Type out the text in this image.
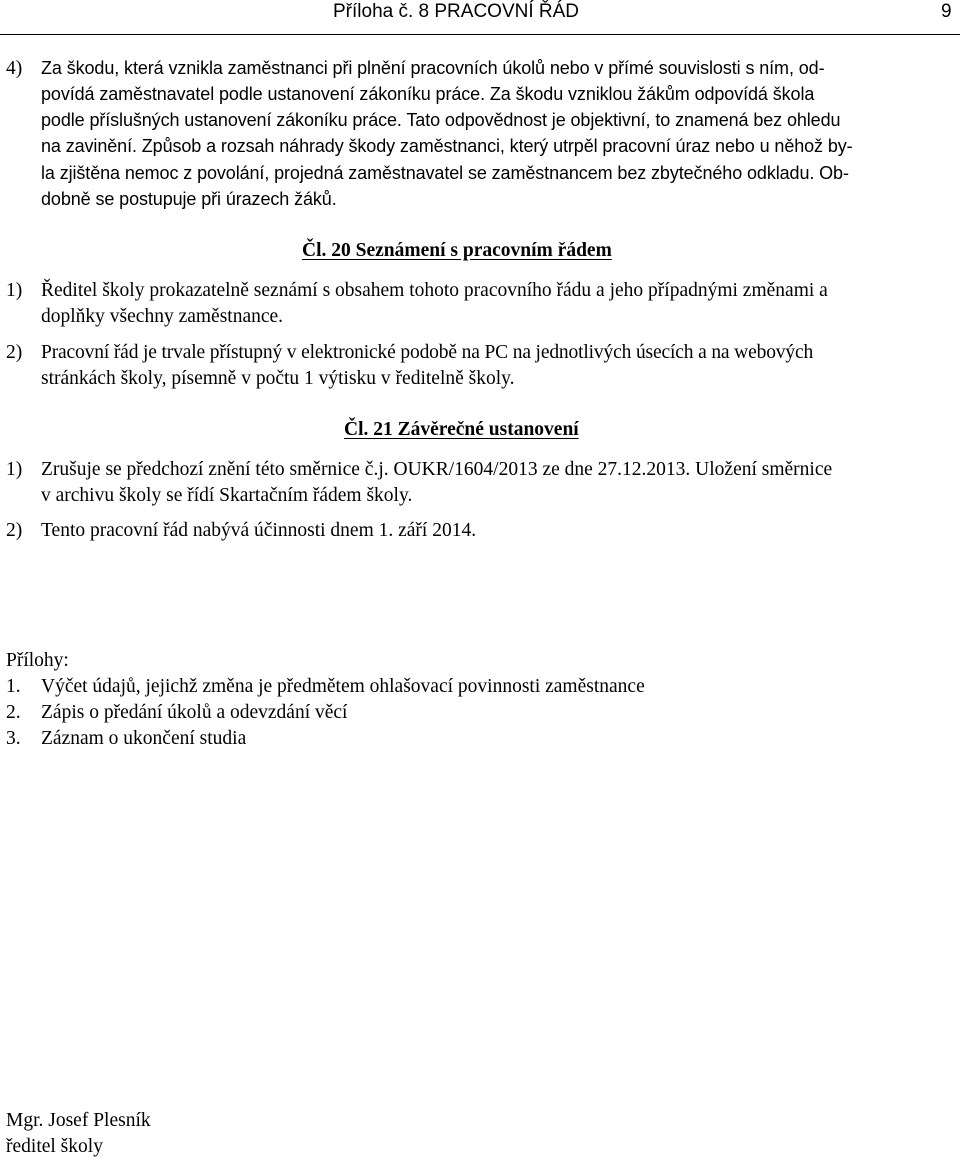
Příloha č. 8 PRACOVNÍ ŘÁD	9
4) Za škodu, která vznikla zaměstnanci při plnění pracovních úkolů nebo v přímé souvislosti s ním, od-
povídá zaměstnavatel podle ustanovení zákoníku práce. Za škodu vzniklou žákům odpovídá škola
podle příslušných ustanovení zákoníku práce. Tato odpovědnost je objektivní, to znamená bez ohledu
na zavinění. Způsob a rozsah náhrady škody zaměstnanci, který utrpěl pracovní úraz nebo u něhož by-
la zjištěna nemoc z povolání, projedná zaměstnavatel se zaměstnancem bez zbytečného odkladu. Ob-
dobně se postupuje při úrazech žáků.
Čl. 20 Seznámení s pracovním řádem
1) Ředitel školy prokazatelně seznámí s obsahem tohoto pracovního řádu a jeho případnými změnami a
doplňky všechny zaměstnance.
2) Pracovní řád je trvale přístupný v elektronické podobě na PC na jednotlivých úsecích a na webových
stránkách školy, písemně v počtu 1 výtisku v ředitelně školy.
Čl. 21 Závěrečné ustanovení
1) Zrušuje se předchozí znění této směrnice č.j. OUKR/1604/2013 ze dne 27.12.2013. Uložení směrnice
v archivu školy se řídí Skartačním řádem školy.
2) Tento pracovní řád nabývá účinnosti dnem 1. září 2014.
Přílohy:
1. Výčet údajů, jejichž změna je předmětem ohlašovací povinnosti zaměstnance
2. Zápis o předání úkolů a odevzdání věcí
3. Záznam o ukončení studia
Mgr. Josef Plesník
ředitel školy
